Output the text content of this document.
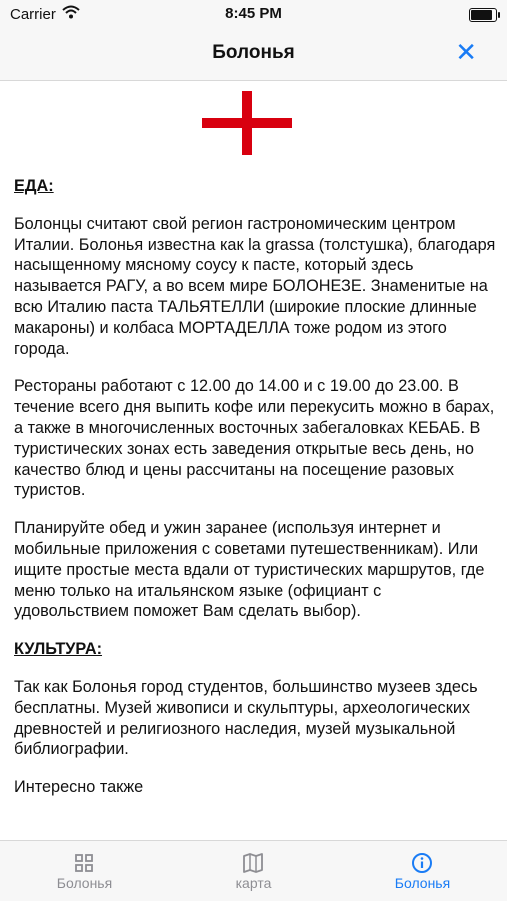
Carrier	8:45 PM
Болонья	✕
ЕДА:

Болонцы считают свой регион гастрономическим центром Италии. Болонья известна как la grassa (толстушка), благодаря насыщенному мясному соусу к пасте, который здесь называется РАГУ, а во всем мире БОЛОНЕЗЕ. Знаменитые на всю Италию паста ТАЛЬЯТЕЛЛИ (широкие плоские длинные макароны) и колбаса МОРТАДЕЛЛА тоже родом из этого города.

Рестораны работают с 12.00 до 14.00 и с 19.00 до 23.00. В течение всего дня выпить кофе или перекусить можно в барах, а также в многочисленных восточных забегаловках КЕБАБ. В туристических зонах есть заведения открытые весь день, но качество блюд и цены рассчитаны на посещение разовых туристов.

Планируйте обед и ужин заранее (используя интернет и мобильные приложения с советами путешественникам). Или ищите простые места вдали от туристических маршрутов, где меню только на итальянском языке (официант с удовольствием поможет Вам сделать выбор).

КУЛЬТУРА:

Так как Болонья город студентов, большинство музеев здесь бесплатны. Музей живописи и скульптуры, археологических древностей и религиозного наследия, музей музыкальной библиографии.

Интересно также

Болонья	карта	Болонья
